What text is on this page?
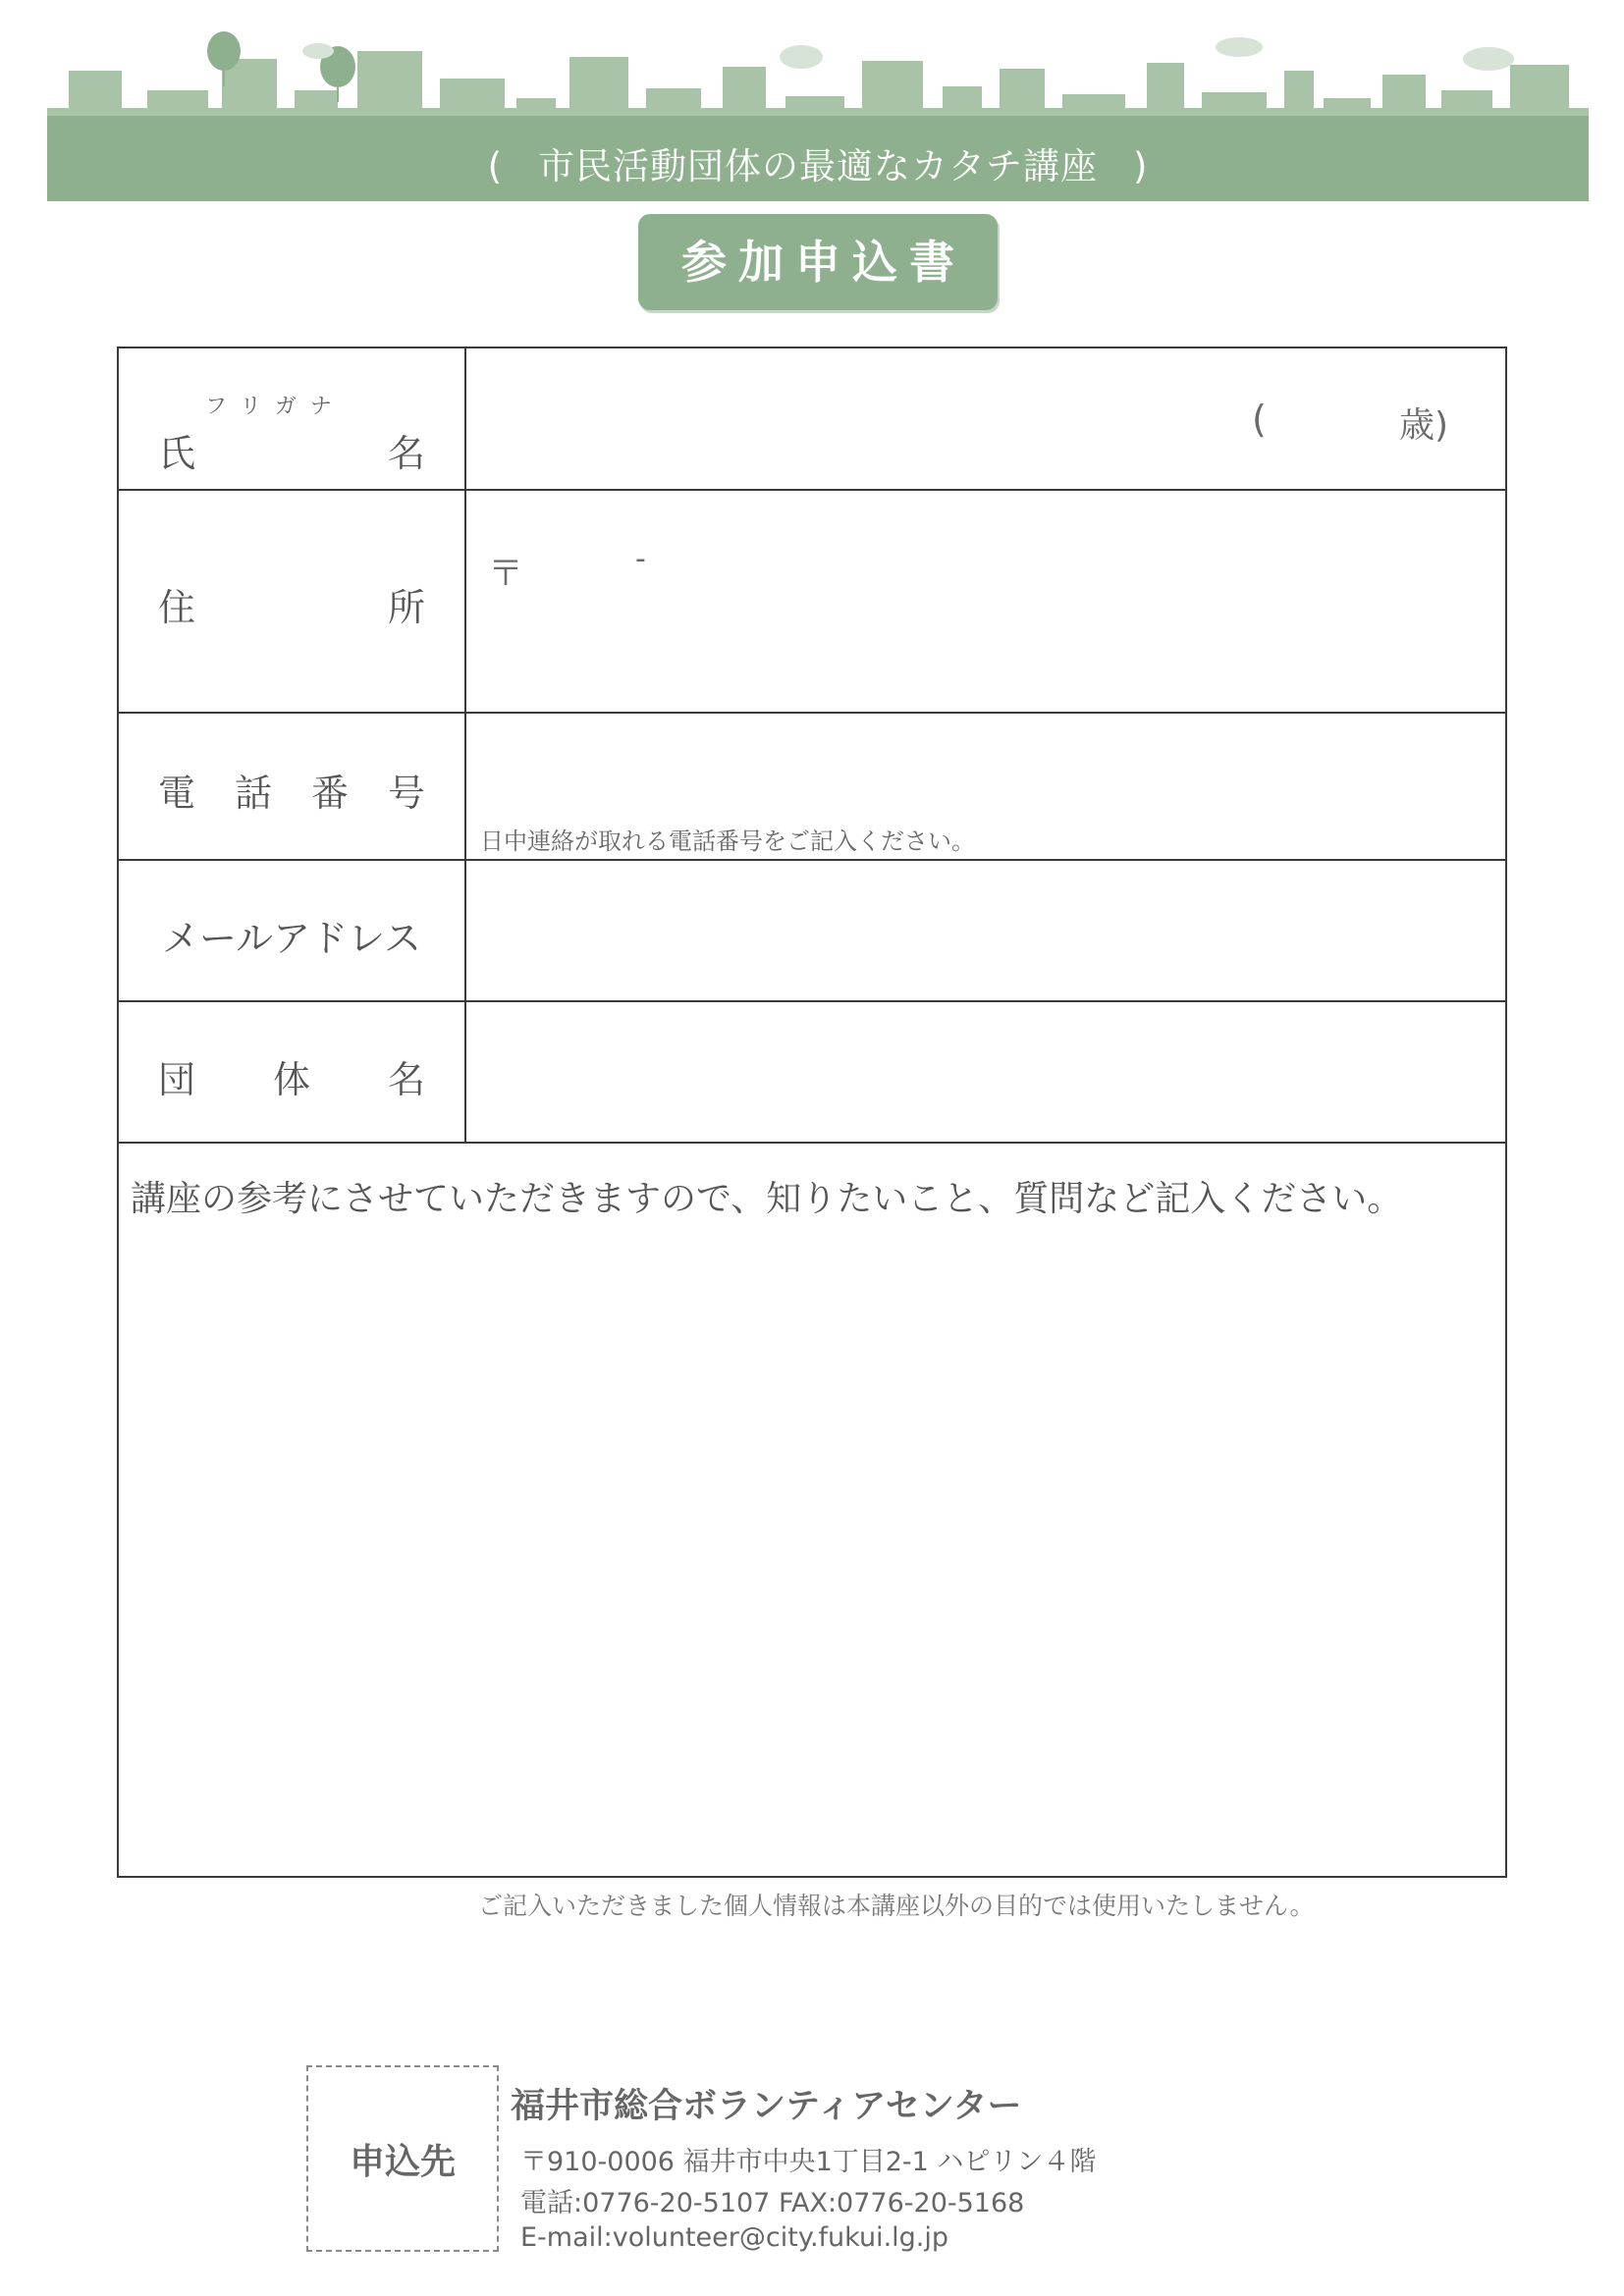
( 市民活動団体の最適なカタチ講座 )
参加申込書
フリガナ
氏	名
(	歳)
住	所
〒	-
電 話 番 号
日中連絡が取れる電話番号をご記入ください。
メールアドレス
団 体 名
講座の参考にさせていただきますので、知りたいこと、質問など記入ください。
ご記入いただきました個人情報は本講座以外の目的では使用いたしません。
申込先
福井市総合ボランティアセンター
〒910-0006 福井市中央1丁目2-1 ハピリン４階
電話:0776-20-5107 FAX:0776-20-5168
E-mail:volunteer@city.fukui.lg.jp
